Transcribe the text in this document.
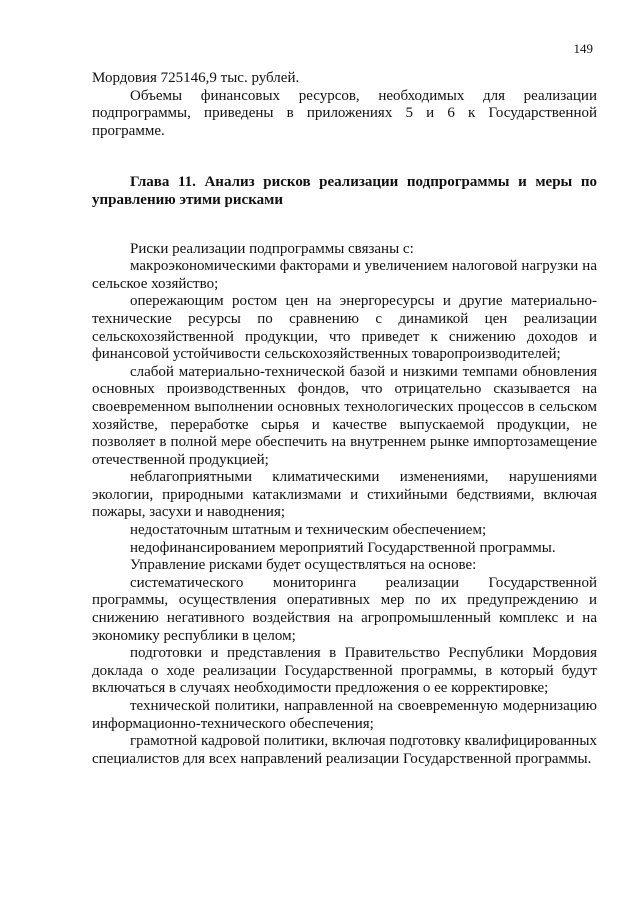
149

Мордовия 725146,9 тыс. рублей.

Объемы финансовых ресурсов, необходимых для реализации подпрограммы, приведены в приложениях 5 и 6 к Государственной программе.

Глава 11. Анализ рисков реализации подпрограммы и меры по управлению этими рисками

Риски реализации подпрограммы связаны с:

макроэкономическими факторами и увеличением налоговой нагрузки на сельское хозяйство;

опережающим ростом цен на энергоресурсы и другие материально-технические ресурсы по сравнению с динамикой цен реализации сельскохозяйственной продукции, что приведет к снижению доходов и финансовой устойчивости сельскохозяйственных товаропроизводителей;

слабой материально-технической базой и низкими темпами обновления основных производственных фондов, что отрицательно сказывается на своевременном выполнении основных технологических процессов в сельском хозяйстве, переработке сырья и качестве выпускаемой продукции, не позволяет в полной мере обеспечить на внутреннем рынке импортозамещение отечественной продукцией;

неблагоприятными климатическими изменениями, нарушениями экологии, природными катаклизмами и стихийными бедствиями, включая пожары, засухи и наводнения;

недостаточным штатным и техническим обеспечением;

недофинансированием мероприятий Государственной программы.

Управление рисками будет осуществляться на основе:

систематического мониторинга реализации Государственной программы, осуществления оперативных мер по их предупреждению и снижению негативного воздействия на агропромышленный комплекс и на экономику республики в целом;

подготовки и представления в Правительство Республики Мордовия доклада о ходе реализации Государственной программы, в который будут включаться в случаях необходимости предложения о ее корректировке;

технической политики, направленной на своевременную модернизацию информационно-технического обеспечения;

грамотной кадровой политики, включая подготовку квалифицированных специалистов для всех направлений реализации Государственной программы.
